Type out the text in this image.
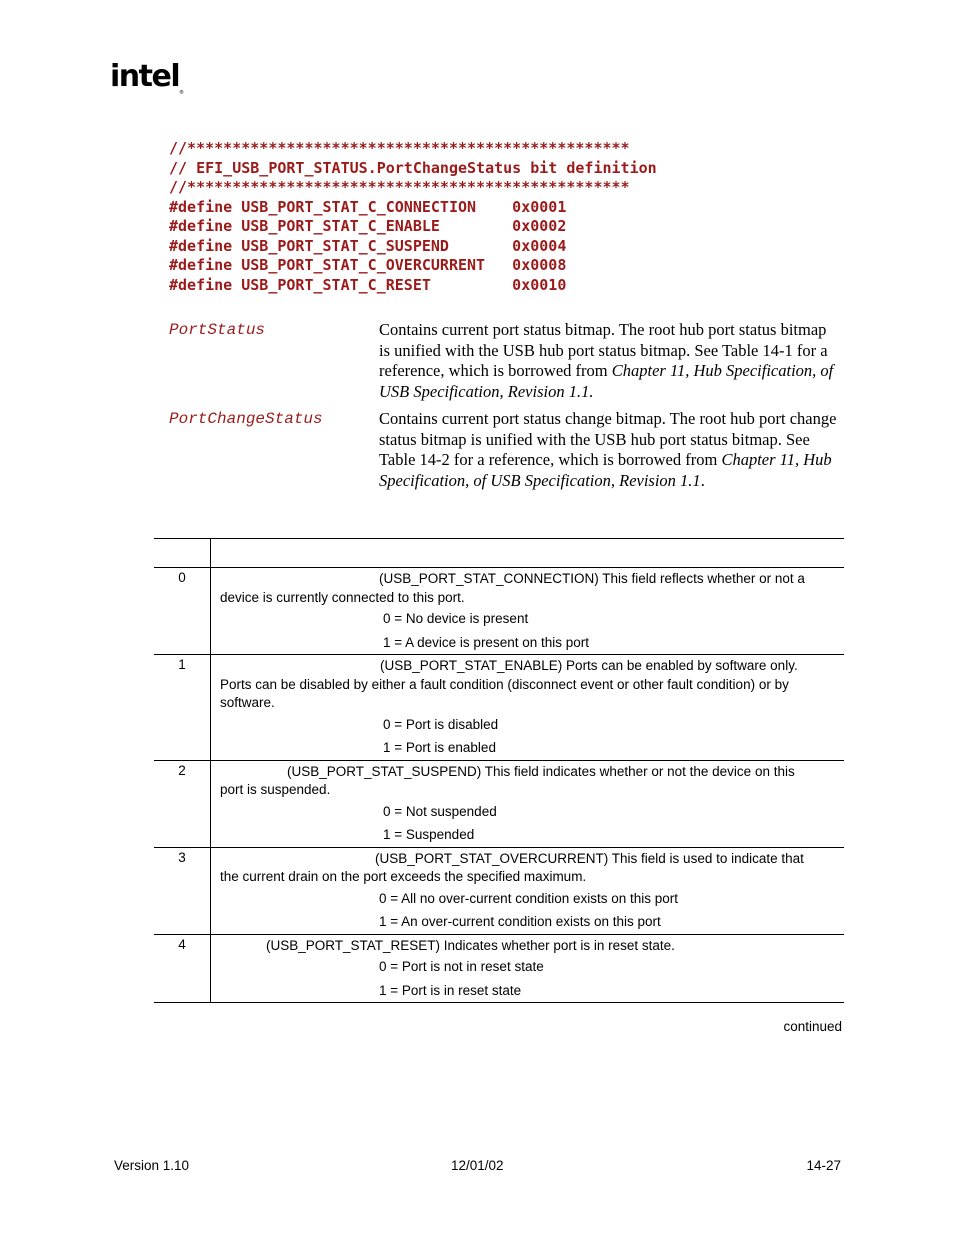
intel ®
//*************************************************
// EFI_USB_PORT_STATUS.PortChangeStatus bit definition
//*************************************************
#define USB_PORT_STAT_C_CONNECTION    0x0001
#define USB_PORT_STAT_C_ENABLE        0x0002
#define USB_PORT_STAT_C_SUSPEND       0x0004
#define USB_PORT_STAT_C_OVERCURRENT   0x0008
#define USB_PORT_STAT_C_RESET         0x0010
PortStatus	Contains current port status bitmap. The root hub port status bitmap is unified with the USB hub port status bitmap. See Table 14-1 for a reference, which is borrowed from Chapter 11, Hub Specification, of USB Specification, Revision 1.1.
PortChangeStatus	Contains current port status change bitmap. The root hub port change status bitmap is unified with the USB hub port status bitmap. See Table 14-2 for a reference, which is borrowed from Chapter 11, Hub Specification, of USB Specification, Revision 1.1.

0	(USB_PORT_STAT_CONNECTION) This field reflects whether or not a
device is currently connected to this port.
0 = No device is present
1 = A device is present on this port

1	(USB_PORT_STAT_ENABLE) Ports can be enabled by software only.
Ports can be disabled by either a fault condition (disconnect event or other fault condition) or by
software.
0 = Port is disabled
1 = Port is enabled

2	(USB_PORT_STAT_SUSPEND) This field indicates whether or not the device on this
port is suspended.
0 = Not suspended
1 = Suspended

3	(USB_PORT_STAT_OVERCURRENT) This field is used to indicate that
the current drain on the port exceeds the specified maximum.
0 = All no over-current condition exists on this port
1 = An over-current condition exists on this port

4	(USB_PORT_STAT_RESET) Indicates whether port is in reset state.
0 = Port is not in reset state
1 = Port is in reset state
continued
Version 1.10	12/01/02	14-27
